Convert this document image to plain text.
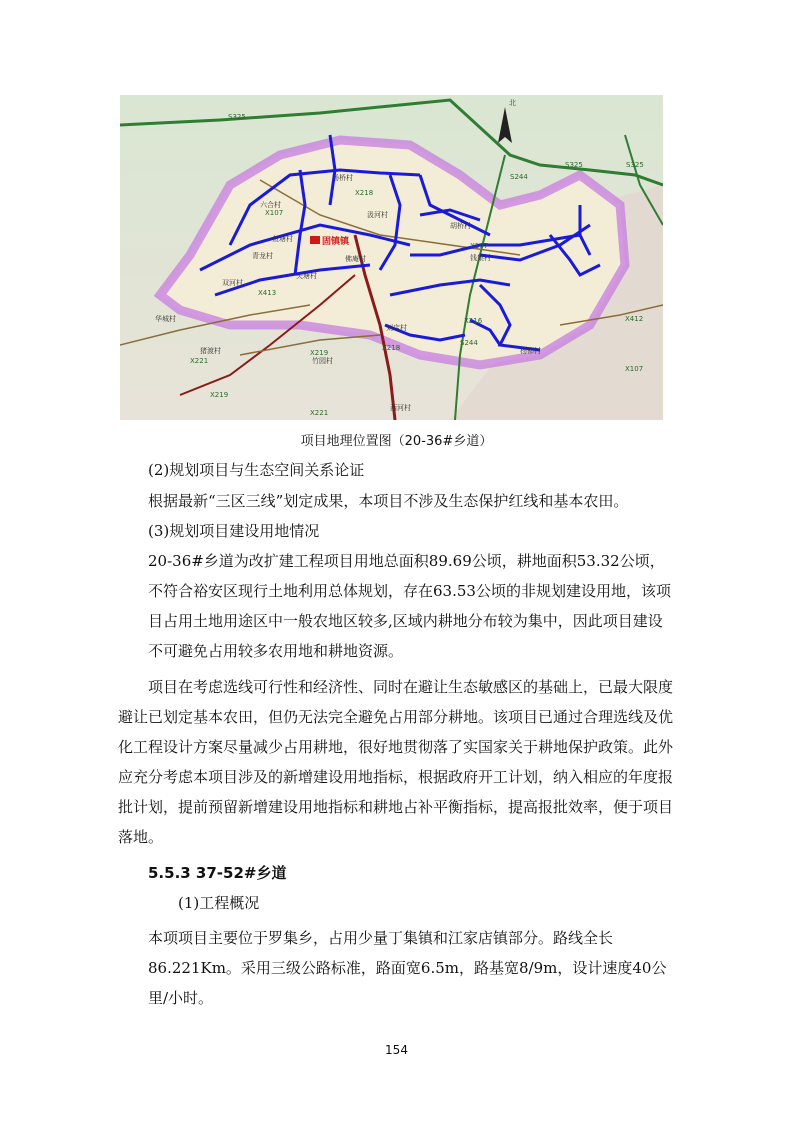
北
固镇镇
S325
S325	S325
S244
S244
X218
X218
X107
X107
X107
X413
X412
X219
X219
X221
X221
X216
杨桥村
六合村
汲河村
胡桥村
鱼塘村
青龙村	佛庵村	钱集村
关塘村
竹园村
刘店村
杨柳村
华城村
猪渡村
双河村
西河村
项目地理位置图（20-36#乡道）

(2)规划项目与生态空间关系论证

根据最新“三区三线”划定成果，本项目不涉及生态保护红线和基本农田。

(3)规划项目建设用地情况

20-36#乡道为改扩建工程项目用地总面积89.69公顷，耕地面积53.32公顷，不符合裕安区现行土地利用总体规划，存在63.53公顷的非规划建设用地，该项目占用土地用途区中一般农地区较多,区域内耕地分布较为集中，因此项目建设不可避免占用较多农用地和耕地资源。

项目在考虑选线可行性和经济性、同时在避让生态敏感区的基础上，已最大限度避让已划定基本农田，但仍无法完全避免占用部分耕地。该项目已通过合理选线及优化工程设计方案尽量减少占用耕地，很好地贯彻落了实国家关于耕地保护政策。此外应充分考虑本项目涉及的新增建设用地指标，根据政府开工计划，纳入相应的年度报批计划，提前预留新增建设用地指标和耕地占补平衡指标，提高报批效率，便于项目落地。

5.5.3 37-52#乡道

(1)工程概况

本项项目主要位于罗集乡，占用少量丁集镇和江家店镇部分。路线全长86.221Km。采用三级公路标准，路面宽6.5m，路基宽8/9m，设计速度40公里/小时。

154
